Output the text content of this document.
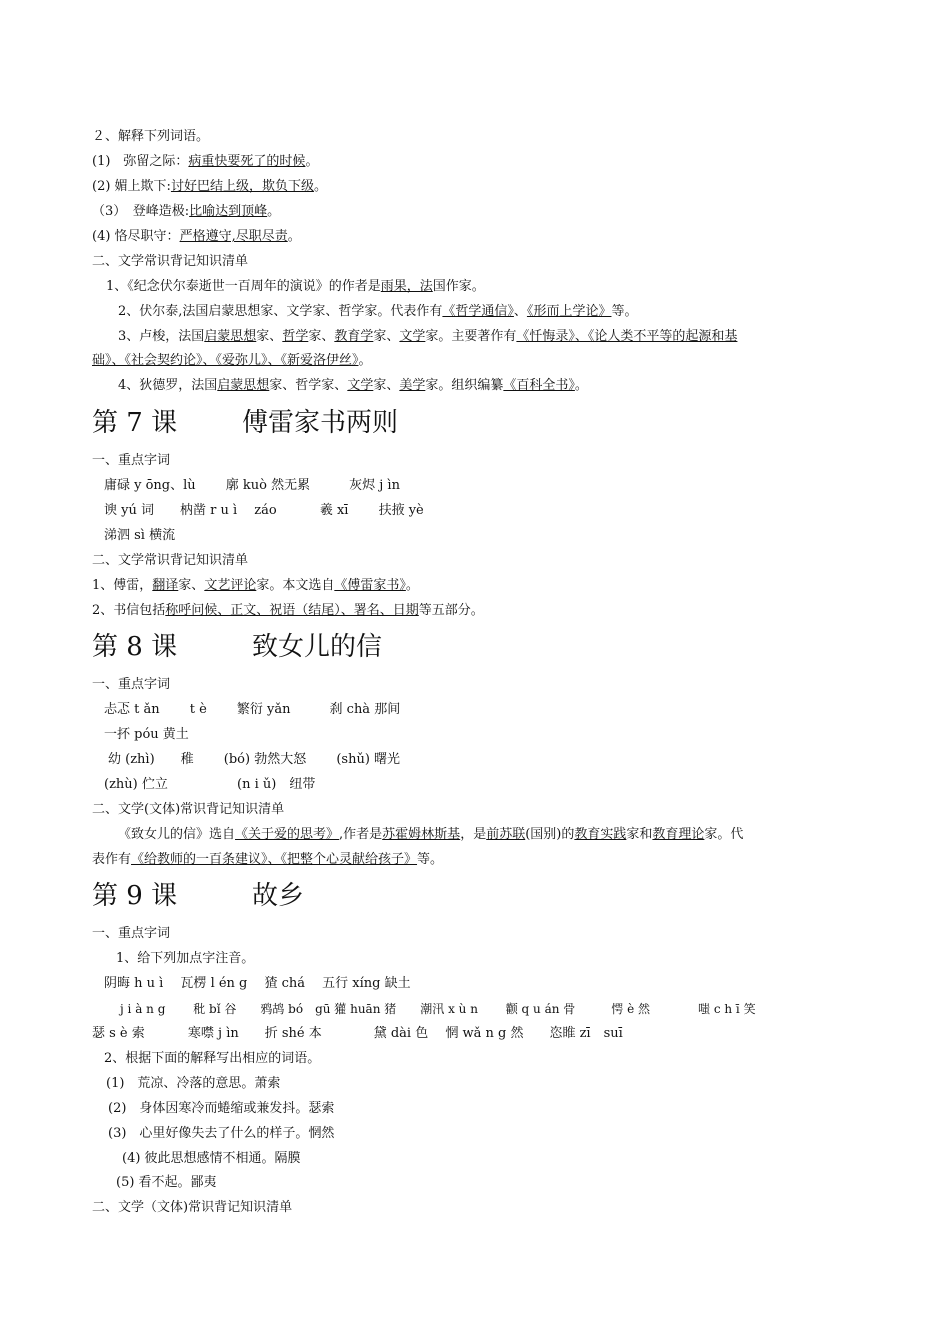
２、解释下列词语。
(1)　弥留之际：病重快要死了的时候。
(2) 媚上欺下:讨好巴结上级，欺负下级。
（3）　登峰造极:比喻达到顶峰。
(4) 恪尽职守：严格遵守,尽职尽责。
二、文学常识背记知识清单
1、《纪念伏尔泰逝世一百周年的演说》的作者是雨果，法国作家。
2、伏尔泰,法国启蒙思想家、文学家、哲学家。代表作有《哲学通信》、《形而上学论》等。
3、卢梭，法国启蒙思想家、哲学家、教育学家、文学家。主要著作有《忏悔录》、《论人类不平等的起源和基
础》、《社会契约论》、《爱弥儿》、《新爱洛伊丝》。
4、狄德罗，法国启蒙思想家、哲学家、文学家、美学家。组织编纂《百科全书》。
第 7 课 傅雷家书两则
一、重点字词
庸碌 y ōng、lù　　 廓 kuò 然无累　　　灰烬 j ìn
谀 yú 词　　枘凿 r u ì　 záo　　　 羲 xī　　 扶掖 yè
涕泗 sì 横流
二、文学常识背记知识清单
1、傅雷，翻译家、文艺评论家。本文选自《傅雷家书》。
2、书信包括称呼问候、正文、祝语（结尾）、署名、日期等五部分。
第 8 课	致女儿的信
一、重点字词
忐忑 t ǎn　　 t è　　 繁衍 yǎn　　　刹 chà 那间
一抔 póu 黄土
幼 (zhì)　　稚　　 (bó) 勃然大怒　　 (shǔ) 曙光
(zhù) 伫立　　　　　 (n i ǔ)　纽带
二、文学(文体)常识背记知识清单
《致女儿的信》选自《关于爱的思考》,作者是苏霍姆林斯基，是前苏联(国别)的教育实践家和教育理论家。代
表作有《给教师的一百条建议》、《把整个心灵献给孩子》等。
第 9 课	故乡
一、重点字词
1、给下列加点字注音。
阴晦 h u ì　 瓦楞 l én g　 猹 chá　 五行 xíng 缺土
j i à n g　　 秕 bǐ 谷　　鸦鸪 bó　gū 獾 huān 猪　　潮汛 x ù n　　 颧 q u án 骨　　　愕 è 然　　　　嗤 c h ī 笑
瑟 s è 索　　　 寒噤 j ìn　　折 shé 本　　　　黛 dài 色　 惘 wǎ n g 然　　恣睢 zī　suī
2、根据下面的解释写出相应的词语。
(1)　荒凉、冷落的意思。萧索
(2)　身体因寒冷而蜷缩或兼发抖。瑟索
(3)　心里好像失去了什么的样子。惘然
(4) 彼此思想感情不相通。隔膜
(5) 看不起。鄙夷
二、文学（文体)常识背记知识清单
